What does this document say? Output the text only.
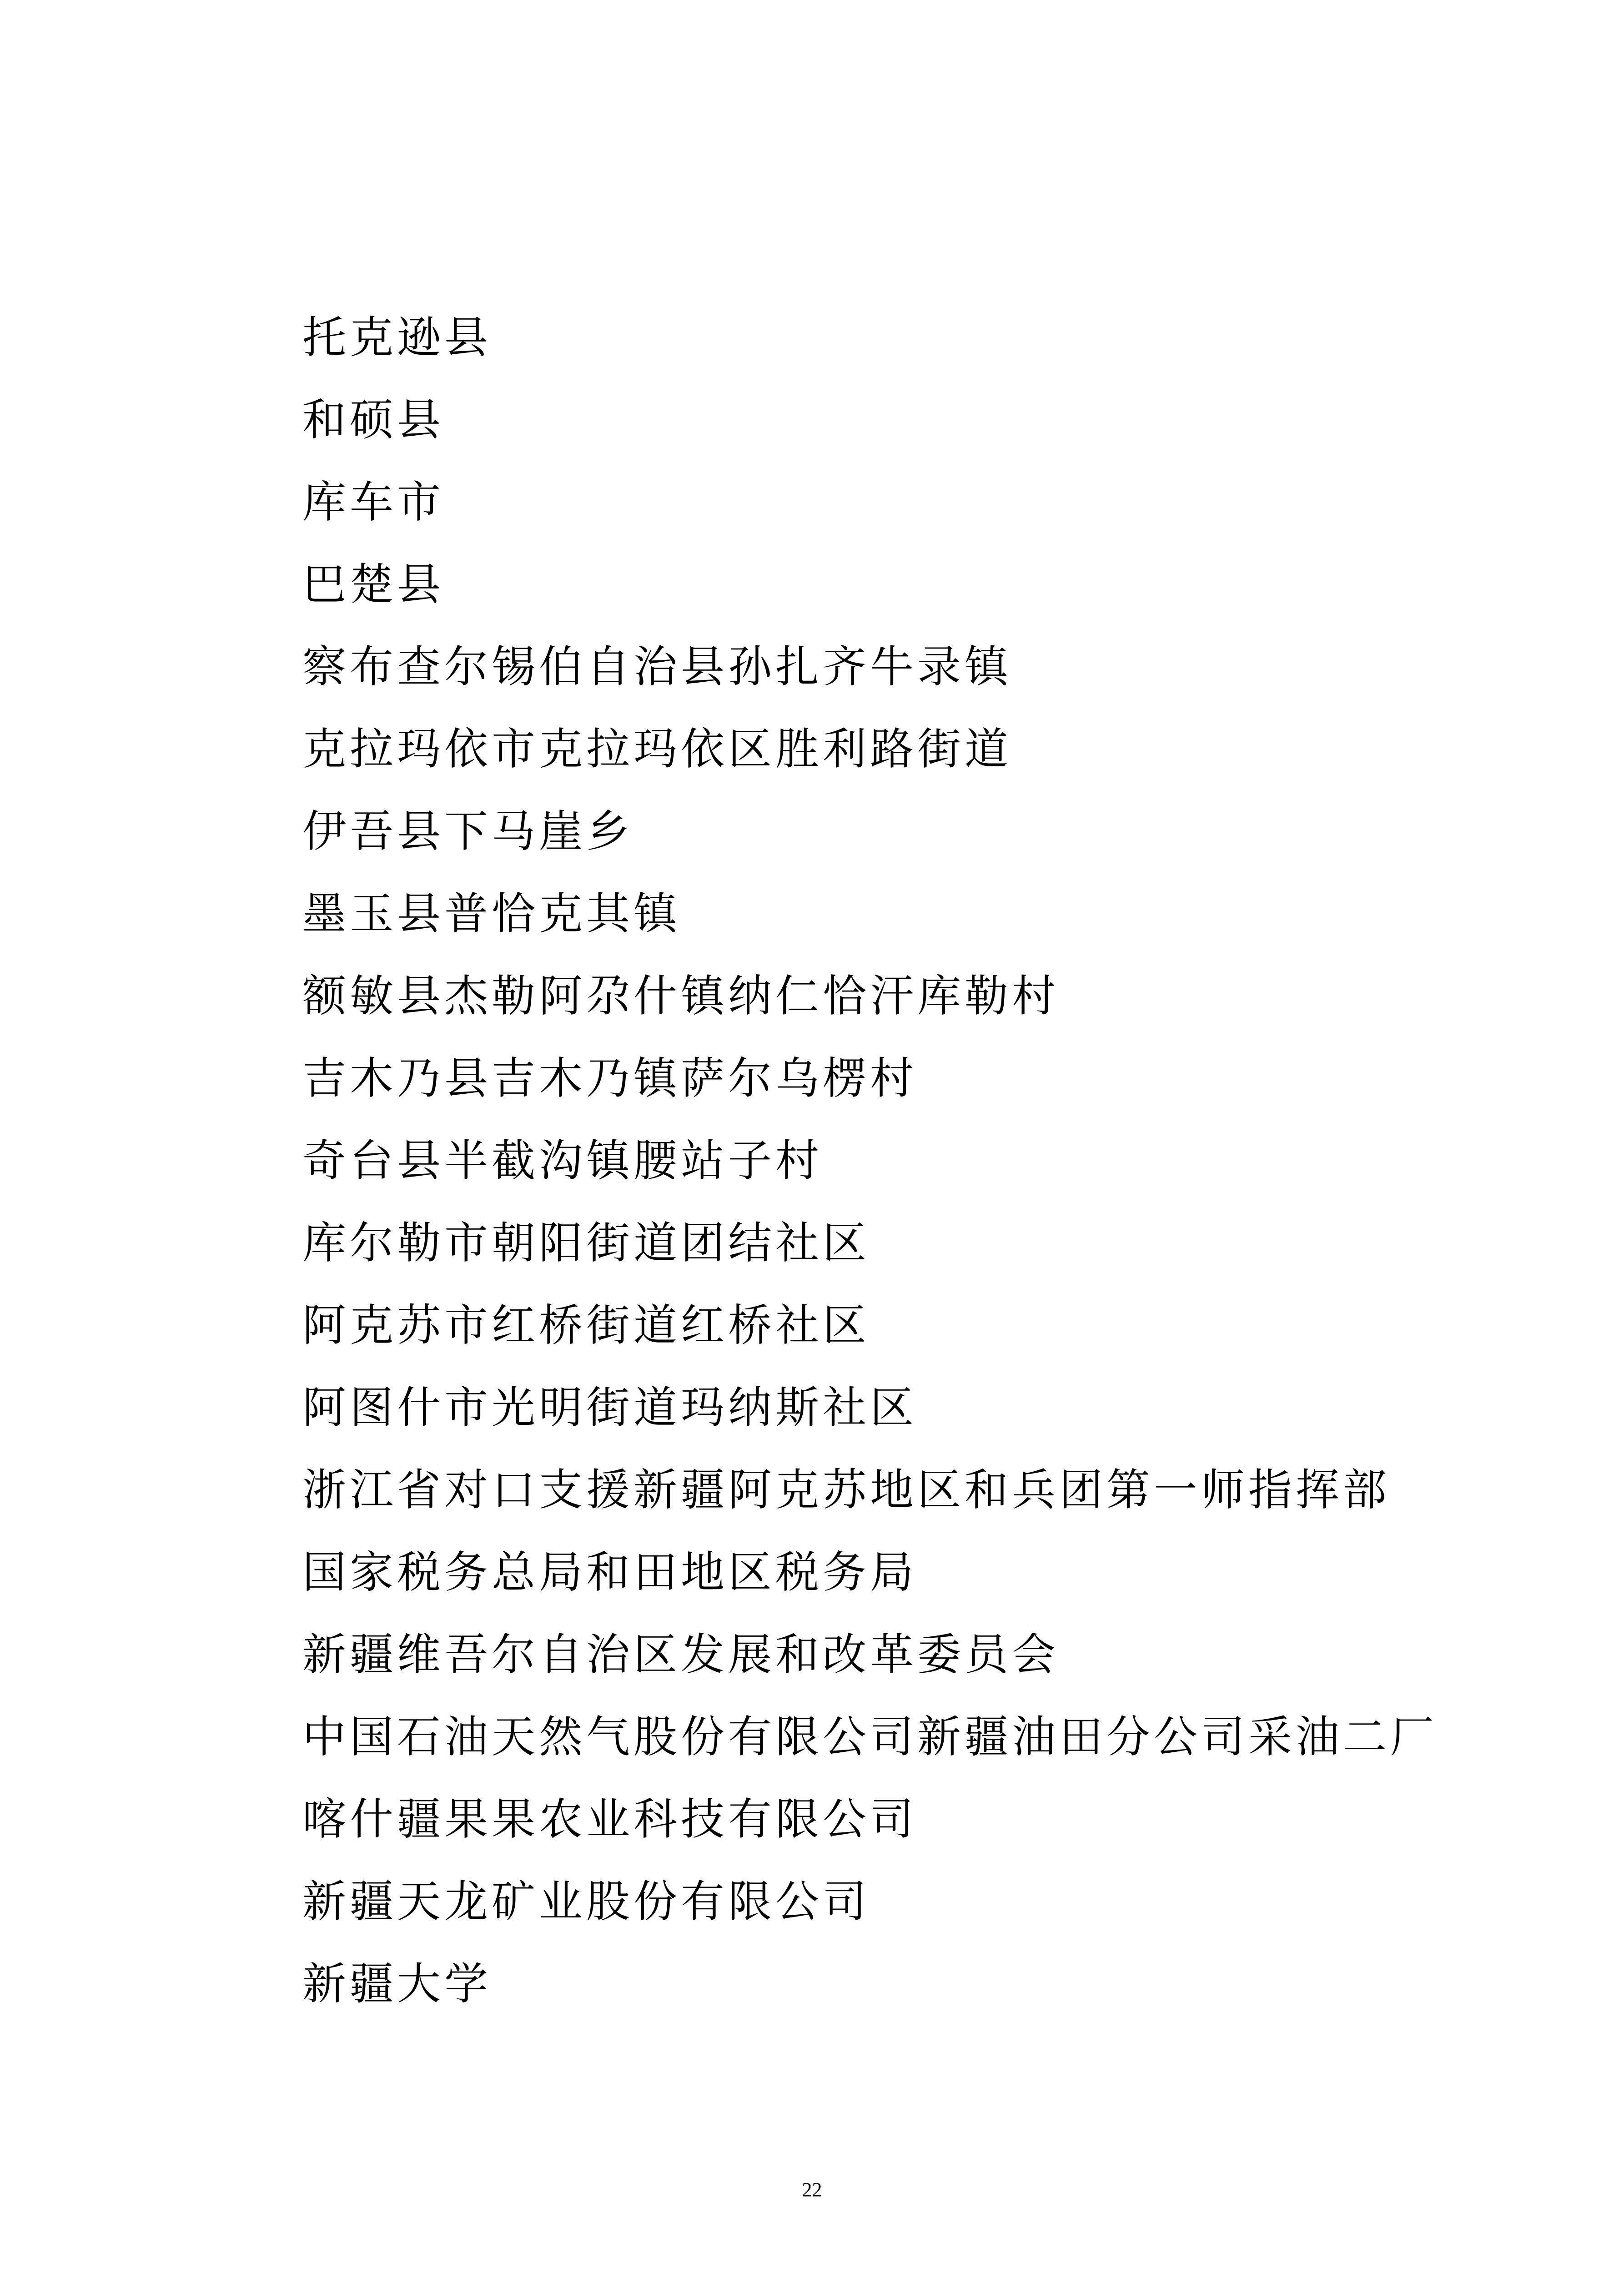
托克逊县
和硕县
库车市
巴楚县
察布查尔锡伯自治县孙扎齐牛录镇
克拉玛依市克拉玛依区胜利路街道
伊吾县下马崖乡
墨玉县普恰克其镇
额敏县杰勒阿尕什镇纳仁恰汗库勒村
吉木乃县吉木乃镇萨尔乌楞村
奇台县半截沟镇腰站子村
库尔勒市朝阳街道团结社区
阿克苏市红桥街道红桥社区
阿图什市光明街道玛纳斯社区
浙江省对口支援新疆阿克苏地区和兵团第一师指挥部
国家税务总局和田地区税务局
新疆维吾尔自治区发展和改革委员会
中国石油天然气股份有限公司新疆油田分公司采油二厂
喀什疆果果农业科技有限公司
新疆天龙矿业股份有限公司
新疆大学
22
